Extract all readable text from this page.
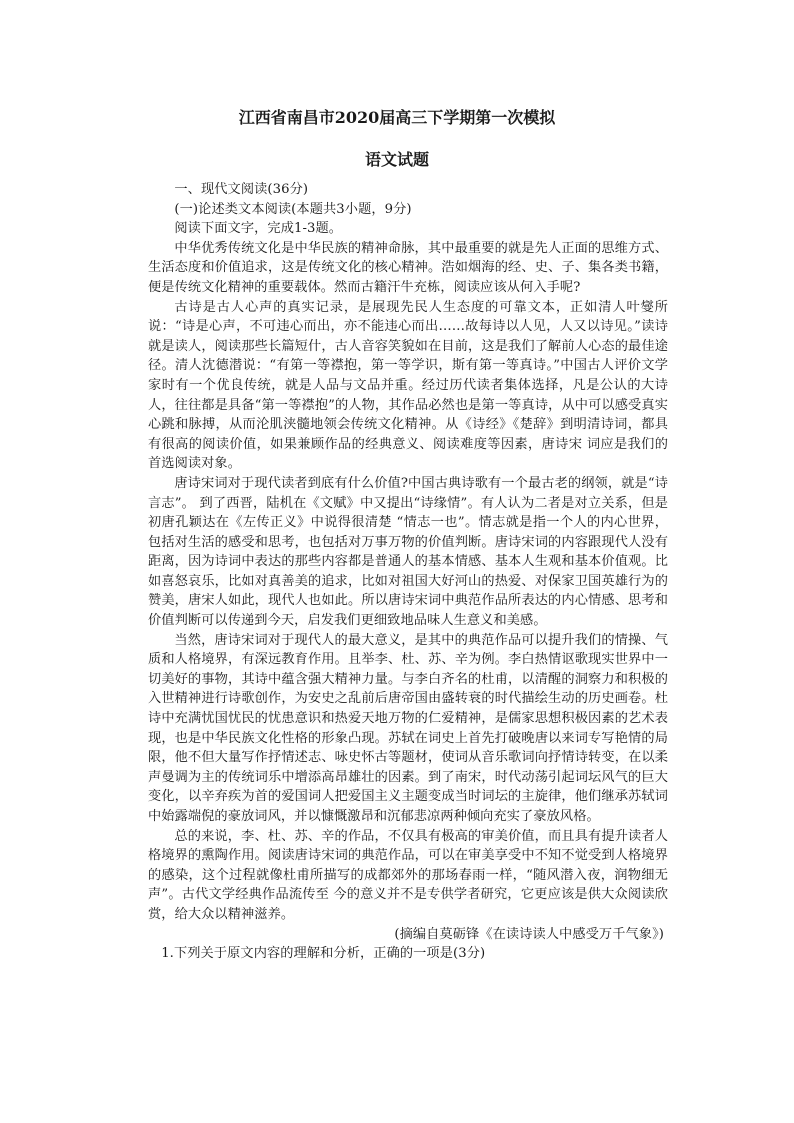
江西省南昌市2020届高三下学期第一次模拟
语文试题

一、现代文阅读(36分)

(一)论述类文本阅读(本题共3小题，9分)

阅读下面文字，完成1-3题。

中华优秀传统文化是中华民族的精神命脉，其中最重要的就是先人正面的思维方式、生活态度和价值追求，这是传统文化的核心精神。浩如烟海的经、史、子、集各类书籍，便是传统文化精神的重要载体。然而古籍汗牛充栋，阅读应该从何入手呢?

古诗是古人心声的真实记录，是展现先民人生态度的可靠文本，正如清人叶燮所说：“诗是心声，不可违心而出，亦不能违心而出……故每诗以人见，人又以诗见。”读诗就是读人，阅读那些长篇短什，古人音容笑貌如在目前，这是我们了解前人心态的最佳途径。清人沈德潜说：“有第一等襟抱，第一等学识，斯有第一等真诗。”中国古人评价文学家时有一个优良传统，就是人品与文品并重。经过历代读者集体选择，凡是公认的大诗人，往往都是具备“第一等襟抱”的人物，其作品必然也是第一等真诗，从中可以感受真实心跳和脉搏，从而沦肌浃髓地领会传统文化精神。从《诗经》《楚辞》到明清诗词，都具有很高的阅读价值，如果兼顾作品的经典意义、阅读难度等因素，唐诗宋 词应是我们的首选阅读对象。

唐诗宋词对于现代读者到底有什么价值?中国古典诗歌有一个最古老的纲领，就是“诗言志”。 到了西晋，陆机在《文赋》中又提出“诗缘情”。有人认为二者是对立关系，但是初唐孔颖达在《左传正义》中说得很清楚 “情志一也”。情志就是指一个人的内心世界，包括对生活的感受和思考，也包括对万事万物的价值判断。唐诗宋词的内容跟现代人没有距离，因为诗词中表达的那些内容都是普通人的基本情感、基本人生观和基本价值观。比如喜怒哀乐，比如对真善美的追求，比如对祖国大好河山的热爱、对保家卫国英雄行为的赞美，唐宋人如此，现代人也如此。所以唐诗宋词中典范作品所表达的内心情感、思考和价值判断可以传递到今天，启发我们更细致地品味人生意义和美感。

当然，唐诗宋词对于现代人的最大意义，是其中的典范作品可以提升我们的情操、气质和人格境界，有深远教育作用。且举李、杜、苏、辛为例。李白热情讴歌现实世界中一切美好的事物，其诗中蕴含强大精神力量。与李白齐名的杜甫，以清醒的洞察力和积极的入世精神进行诗歌创作，为安史之乱前后唐帝国由盛转衰的时代描绘生动的历史画卷。杜诗中充满忧国忧民的忧患意识和热爱天地万物的仁爱精神，是儒家思想积极因素的艺术表现，也是中华民族文化性格的形象凸现。苏轼在词史上首先打破晚唐以来词专写艳情的局限，他不但大量写作抒情述志、咏史怀古等题材，使词从音乐歌词向抒情诗转变，在以柔声曼调为主的传统词乐中增添高昂雄壮的因素。到了南宋，时代动荡引起词坛风气的巨大变化，以辛弃疾为首的爱国词人把爱国主义主题变成当时词坛的主旋律，他们继承苏轼词中始露端倪的豪放词风，并以慷慨激昂和沉郁悲凉两种倾向充实了豪放风格。

总的来说，李、杜、苏、辛的作品，不仅具有极高的审美价值，而且具有提升读者人格境界的熏陶作用。阅读唐诗宋词的典范作品，可以在审美享受中不知不觉受到人格境界的感染，这个过程就像杜甫所描写的成都郊外的那场春雨一样，“随风潜入夜，润物细无声”。古代文学经典作品流传至 今的意义并不是专供学者研究，它更应该是供大众阅读欣赏，给大众以精神滋养。

(摘编自莫砺锋《在读诗读人中感受万千气象》)

1.下列关于原文内容的理解和分析，正确的一项是(3分)
